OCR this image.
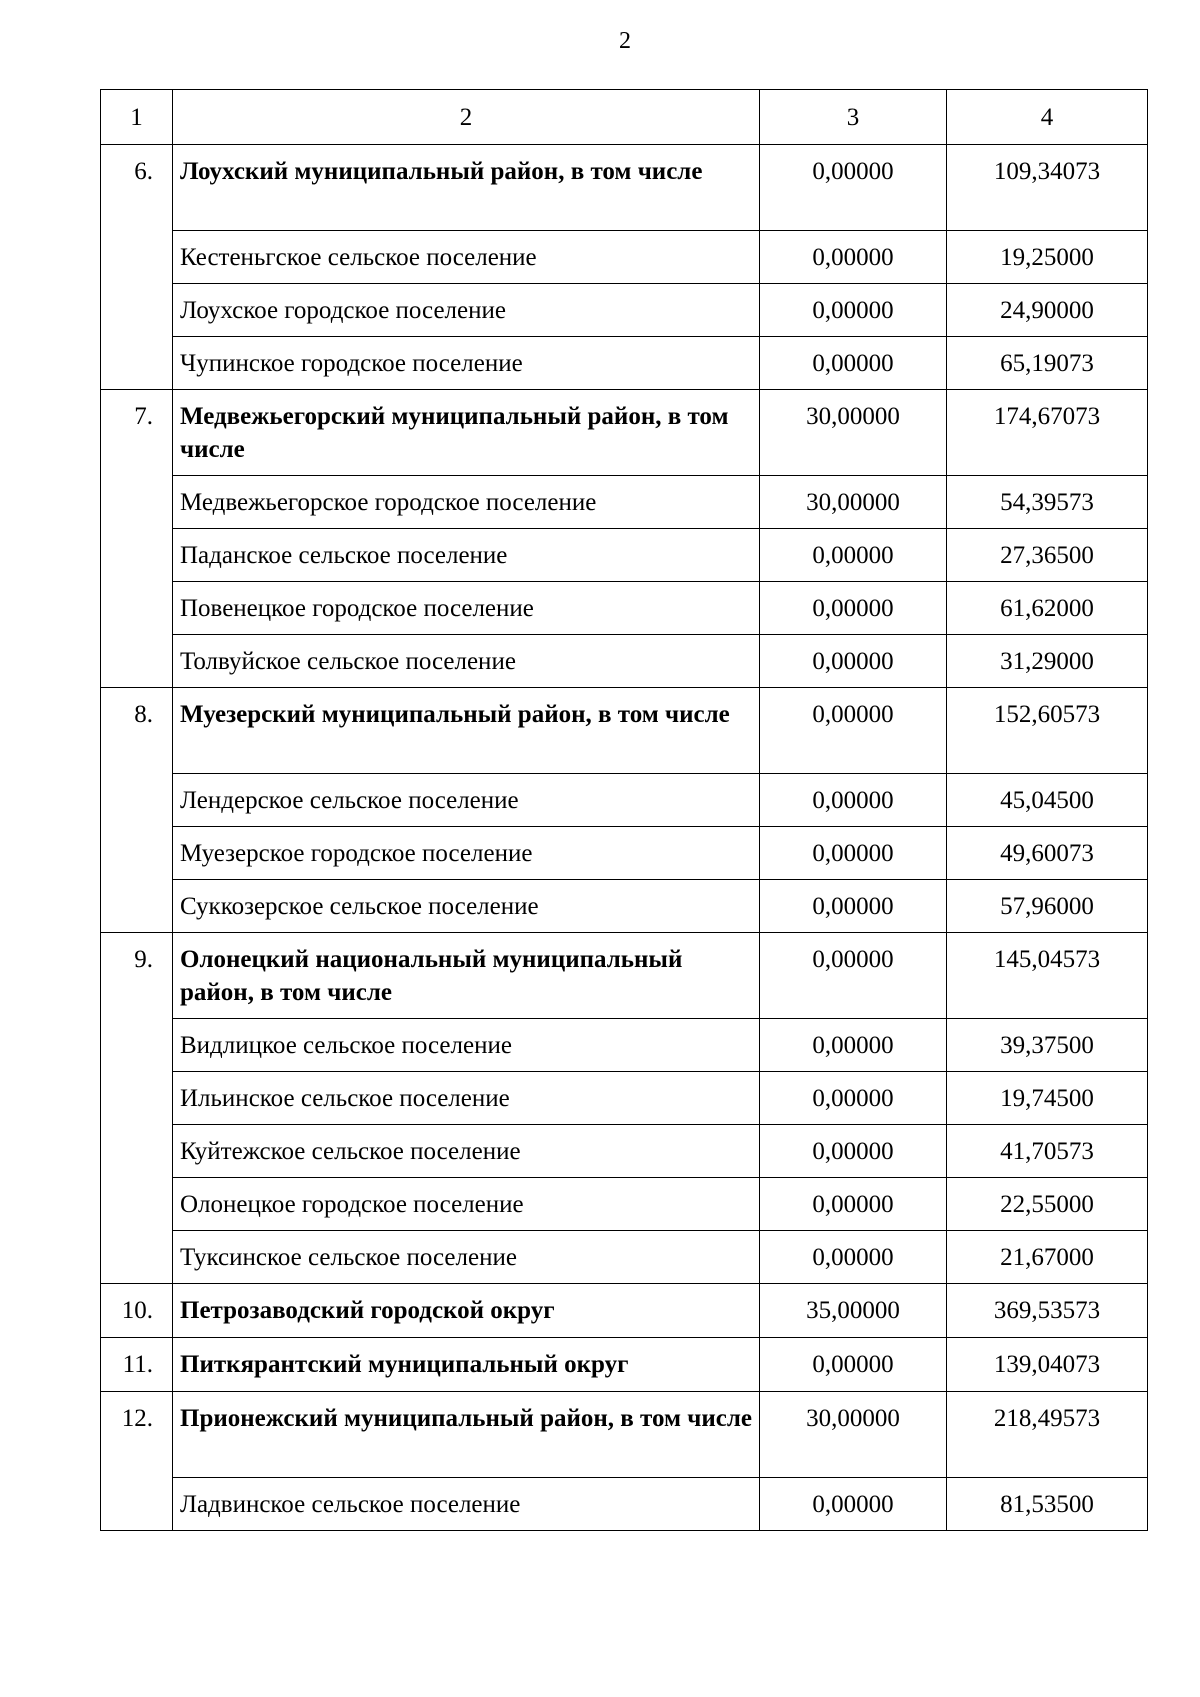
2
1	2	3	4
6.	Лоухский муниципальный район, в том числе	0,00000	109,34073
	Кестеньгское сельское поселение	0,00000	19,25000
	Лоухское городское поселение	0,00000	24,90000
	Чупинское городское поселение	0,00000	65,19073
7.	Медвежьегорский муниципальный район, в том числе	30,00000	174,67073
	Медвежьегорское городское поселение	30,00000	54,39573
	Паданское сельское поселение	0,00000	27,36500
	Повенецкое городское поселение	0,00000	61,62000
	Толвуйское сельское поселение	0,00000	31,29000
8.	Муезерский муниципальный район, в том числе	0,00000	152,60573
	Лендерское сельское поселение	0,00000	45,04500
	Муезерское городское поселение	0,00000	49,60073
	Суккозерское сельское поселение	0,00000	57,96000
9.	Олонецкий национальный муниципальный район, в том числе	0,00000	145,04573
	Видлицкое сельское поселение	0,00000	39,37500
	Ильинское сельское поселение	0,00000	19,74500
	Куйтежское сельское поселение	0,00000	41,70573
	Олонецкое городское поселение	0,00000	22,55000
	Туксинское сельское поселение	0,00000	21,67000
10.	Петрозаводский городской округ	35,00000	369,53573
11.	Питкярантский муниципальный округ	0,00000	139,04073
12.	Прионежский муниципальный район, в том числе	30,00000	218,49573
	Ладвинское сельское поселение	0,00000	81,53500
